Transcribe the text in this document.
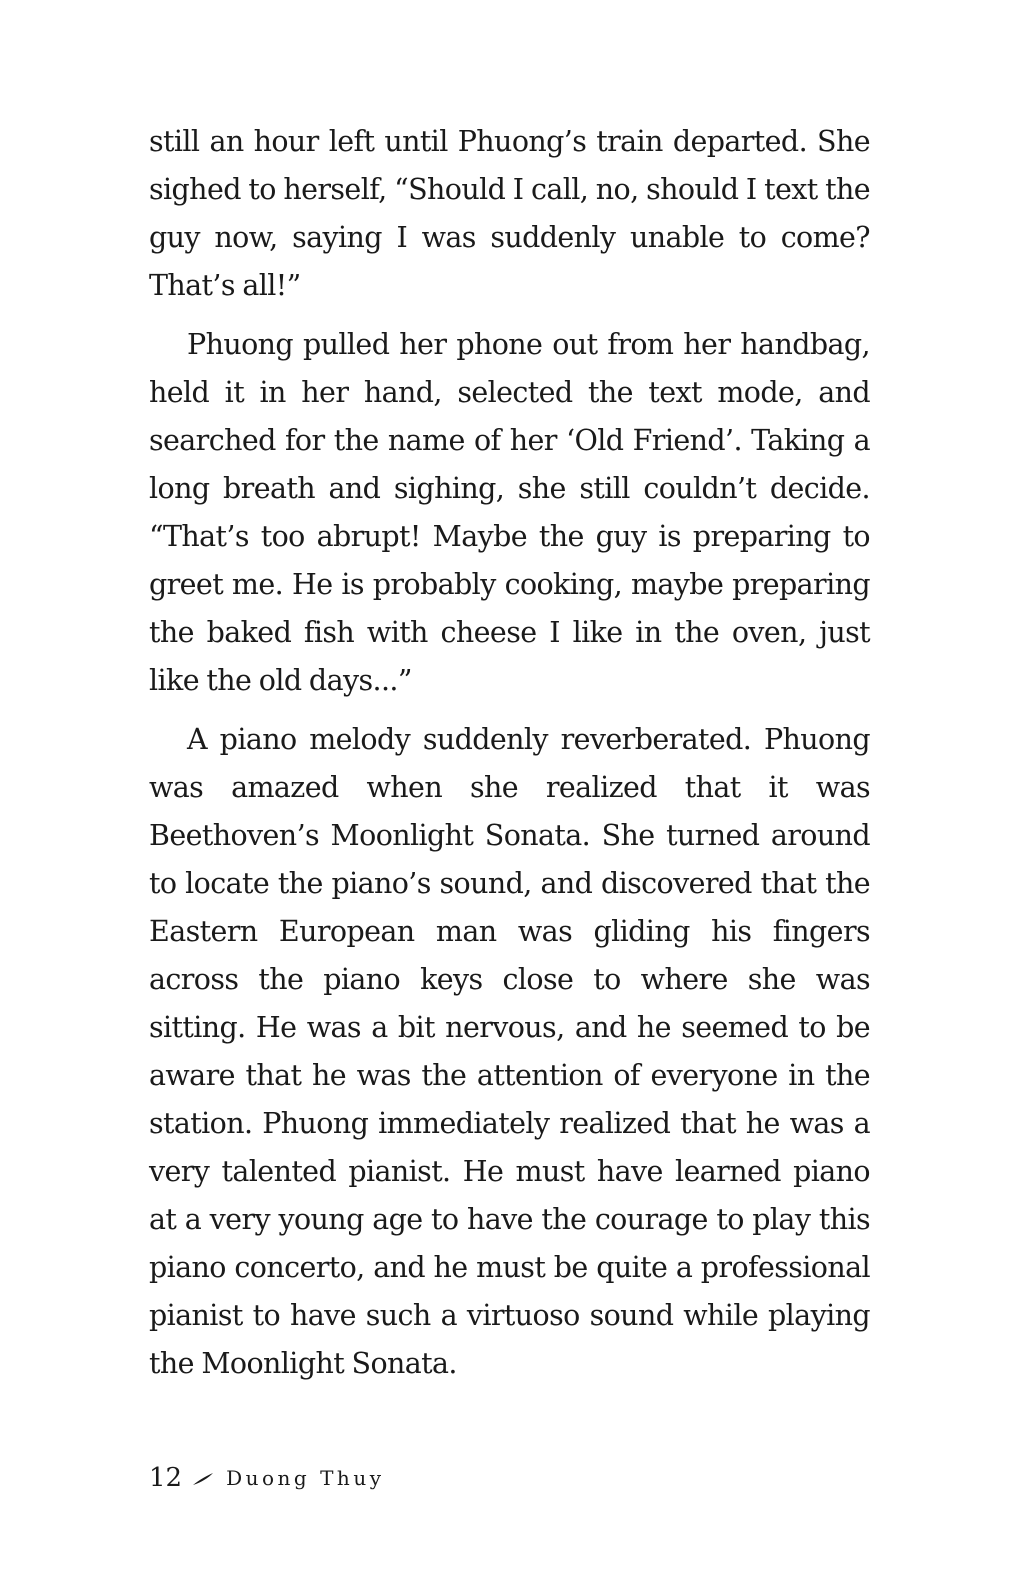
still an hour left until Phuong’s train departed. She sighed to herself, “Should I call, no, should I text the guy now, saying I was suddenly unable to come? That’s all!”

Phuong pulled her phone out from her handbag, held it in her hand, selected the text mode, and searched for the name of her ‘Old Friend’. Taking a long breath and sighing, she still couldn’t decide. “That’s too abrupt! Maybe the guy is preparing to greet me. He is probably cooking, maybe preparing the baked fish with cheese I like in the oven, just like the old days...”

A piano melody suddenly reverberated. Phuong was amazed when she realized that it was Beethoven’s Moonlight Sonata. She turned around to locate the piano’s sound, and discovered that the Eastern European man was gliding his fingers across the piano keys close to where she was sitting. He was a bit nervous, and he seemed to be aware that he was the attention of everyone in the station. Phuong immediately realized that he was a very talented pianist. He must have learned piano at a very young age to have the courage to play this piano concerto, and he must be quite a professional pianist to have such a virtuoso sound while playing the Moonlight Sonata.

12 Duong Thuy
